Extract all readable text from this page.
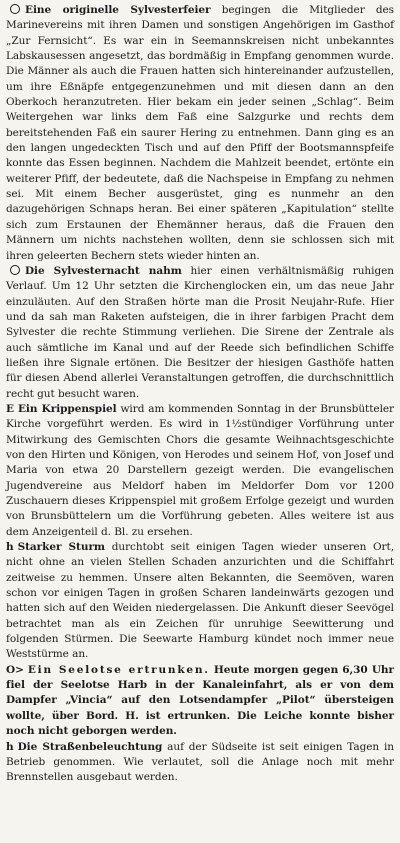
Eine originelle Sylvesterfeier begingen die Mitglieder des Marinevereins mit ihren Damen und sonstigen Angehörigen im Gasthof „Zur Fernsicht“. Es war ein in Seemannskreisen nicht unbekanntes Labskausessen angesetzt, das bordmäßig in Empfang genommen wurde. Die Männer als auch die Frauen hatten sich hintereinander aufzustellen, um ihre Eßnäpfe entgegenzunehmen und mit diesen dann an den Oberkoch heranzutreten. Hier bekam ein jeder seinen „Schlag“. Beim Weitergehen war links dem Faß eine Salzgurke und rechts dem bereitstehenden Faß ein saurer Hering zu entnehmen. Dann ging es an den langen ungedeckten Tisch und auf den Pfiff der Bootsmannspfeife konnte das Essen beginnen. Nachdem die Mahlzeit beendet, ertönte ein weiterer Pfiff, der bedeutete, daß die Nachspeise in Empfang zu nehmen sei. Mit einem Becher ausgerüstet, ging es nunmehr an den dazugehörigen Schnaps heran. Bei einer späteren „Kapitulation“ stellte sich zum Erstaunen der Ehemänner heraus, daß die Frauen den Männern um nichts nachstehen wollten, denn sie schlossen sich mit ihren geleerten Bechern stets wieder hinten an.

Die Sylvesternacht nahm hier einen verhältnismäßig ruhigen Verlauf. Um 12 Uhr setzten die Kirchenglocken ein, um das neue Jahr einzuläuten. Auf den Straßen hörte man die Prosit Neujahr-Rufe. Hier und da sah man Raketen aufsteigen, die in ihrer farbigen Pracht dem Sylvester die rechte Stimmung verliehen. Die Sirene der Zentrale als auch sämtliche im Kanal und auf der Reede sich befindlichen Schiffe ließen ihre Signale ertönen. Die Besitzer der hiesigen Gasthöfe hatten für diesen Abend allerlei Veranstaltungen getroffen, die durchschnittlich recht gut besucht waren.

E Ein Krippenspiel wird am kommenden Sonntag in der Brunsbütteler Kirche vorgeführt werden. Es wird in 1½stündiger Vorführung unter Mitwirkung des Gemischten Chors die gesamte Weihnachtsgeschichte von den Hirten und Königen, von Herodes und seinem Hof, von Josef und Maria von etwa 20 Darstellern gezeigt werden. Die evangelischen Jugendvereine aus Meldorf haben im Meldorfer Dom vor 1200 Zuschauern dieses Krippenspiel mit großem Erfolge gezeigt und wurden von Brunsbüttelern um die Vorführung gebeten. Alles weitere ist aus dem Anzeigenteil d. Bl. zu ersehen.

h Starker Sturm durchtobt seit einigen Tagen wieder unseren Ort, nicht ohne an vielen Stellen Schaden anzurichten und die Schiffahrt zeitweise zu hemmen. Unsere alten Bekannten, die Seemöven, waren schon vor einigen Tagen in großen Scharen landeinwärts gezogen und hatten sich auf den Weiden niedergelassen. Die Ankunft dieser Seevögel betrachtet man als ein Zeichen für unruhige Seewitterung und folgenden Stürmen. Die Seewarte Hamburg kündet noch immer neue Weststürme an.

O> Ein Seelotse ertrunken. Heute morgen gegen 6,30 Uhr fiel der Seelotse Harb in der Kanaleinfahrt, als er von dem Dampfer „Vincia“ auf den Lotsendampfer „Pilot“ übersteigen wollte, über Bord. H. ist ertrunken. Die Leiche konnte bisher noch nicht geborgen werden.

h Die Straßenbeleuchtung auf der Südseite ist seit einigen Tagen in Betrieb genommen. Wie verlautet, soll die Anlage noch mit mehr Brennstellen ausgebaut werden.
